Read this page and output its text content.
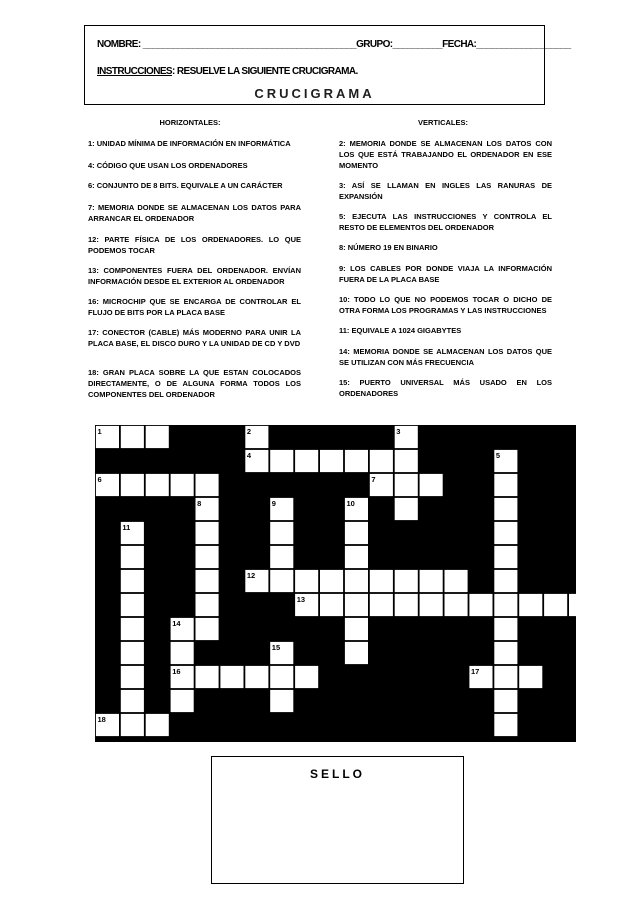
NOMBRE: ___________________________________________GRUPO:__________FECHA:___________________
INSTRUCCIONES: RESUELVE LA SIGUIENTE CRUCIGRAMA.
CRUCIGRAMA
HORIZONTALES:	VERTICALES:
1: UNIDAD MÍNIMA DE INFORMACIÓN EN INFORMÁTICA
4: CÓDIGO QUE USAN LOS ORDENADORES
6: CONJUNTO DE 8 BITS. EQUIVALE A UN CARÁCTER
7: MEMORIA DONDE SE ALMACENAN LOS DATOS PARA ARRANCAR EL ORDENADOR
12: PARTE FÍSICA DE LOS ORDENADORES. LO QUE PODEMOS TOCAR
13: COMPONENTES FUERA DEL ORDENADOR. ENVÍAN INFORMACIÓN DESDE EL EXTERIOR AL ORDENADOR
16: MICROCHIP QUE SE ENCARGA DE CONTROLAR EL FLUJO DE BITS POR LA PLACA BASE
17: CONECTOR (CABLE) MÁS MODERNO PARA UNIR LA PLACA BASE, EL DISCO DURO Y LA UNIDAD DE CD Y DVD
18: GRAN PLACA SOBRE LA QUE ESTAN COLOCADOS DIRECTAMENTE, O DE ALGUNA FORMA TODOS LOS COMPONENTES DEL ORDENADOR
2: MEMORIA DONDE SE ALMACENAN LOS DATOS CON LOS QUE ESTÁ TRABAJANDO EL ORDENADOR EN ESE MOMENTO
3: ASÍ SE LLAMAN EN INGLES LAS RANURAS DE EXPANSIÓN
5: EJECUTA LAS INSTRUCCIONES Y CONTROLA EL RESTO DE ELEMENTOS DEL ORDENADOR
8: NÚMERO 19 EN BINARIO
9: LOS CABLES POR DONDE VIAJA LA INFORMACIÓN FUERA DE LA PLACA BASE
10: TODO LO QUE NO PODEMOS TOCAR O DICHO DE OTRA FORMA LOS PROGRAMAS Y LAS INSTRUCCIONES
11: EQUIVALE A 1024 GIGABYTES
14: MEMORIA DONDE SE ALMACENAN LOS DATOS QUE SE UTILIZAN CON MÁS FRECUENCIA
15: PUERTO UNIVERSAL MÁS USADO EN LOS ORDENADORES
1	2	3
4	5
6	7
8	9	10
11
12
13
14
15
16	17
18
SELLO
